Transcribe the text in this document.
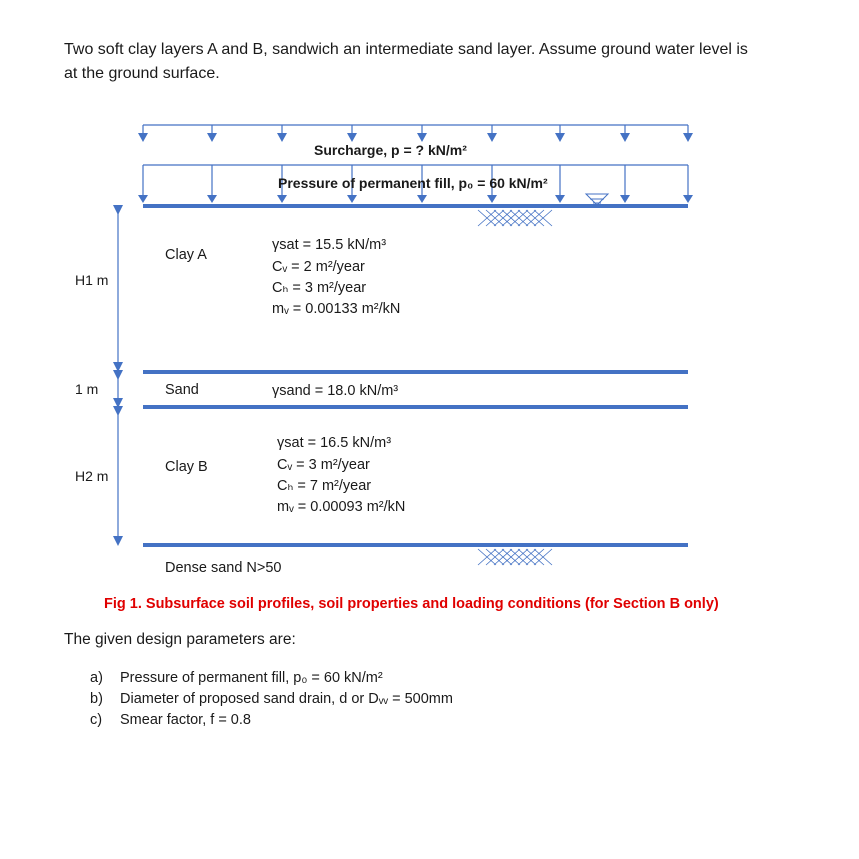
Two soft clay layers A and B, sandwich an intermediate sand layer. Assume ground water level is at the ground surface.
Surcharge, p = ? kN/m²
Pressure of permanent fill, p₀ = 60 kN/m²
H1 m
1 m
H2 m
Clay A
Sand
Clay B
Dense sand N>50
γsat = 15.5 kN/m³
Cᵥ = 2 m²/year
Cₕ = 3 m²/year
mᵥ = 0.00133 m²/kN
γsand = 18.0 kN/m³
γsat = 16.5 kN/m³
Cᵥ = 3 m²/year
Cₕ = 7 m²/year
mᵥ = 0.00093 m²/kN
Fig 1. Subsurface soil profiles, soil properties and loading conditions (for Section B only)
The given design parameters are:
a) Pressure of permanent fill, p₀ = 60 kN/m²
b) Diameter of proposed sand drain, d or Dᵥᵥ = 500mm
c) Smear factor, f = 0.8
